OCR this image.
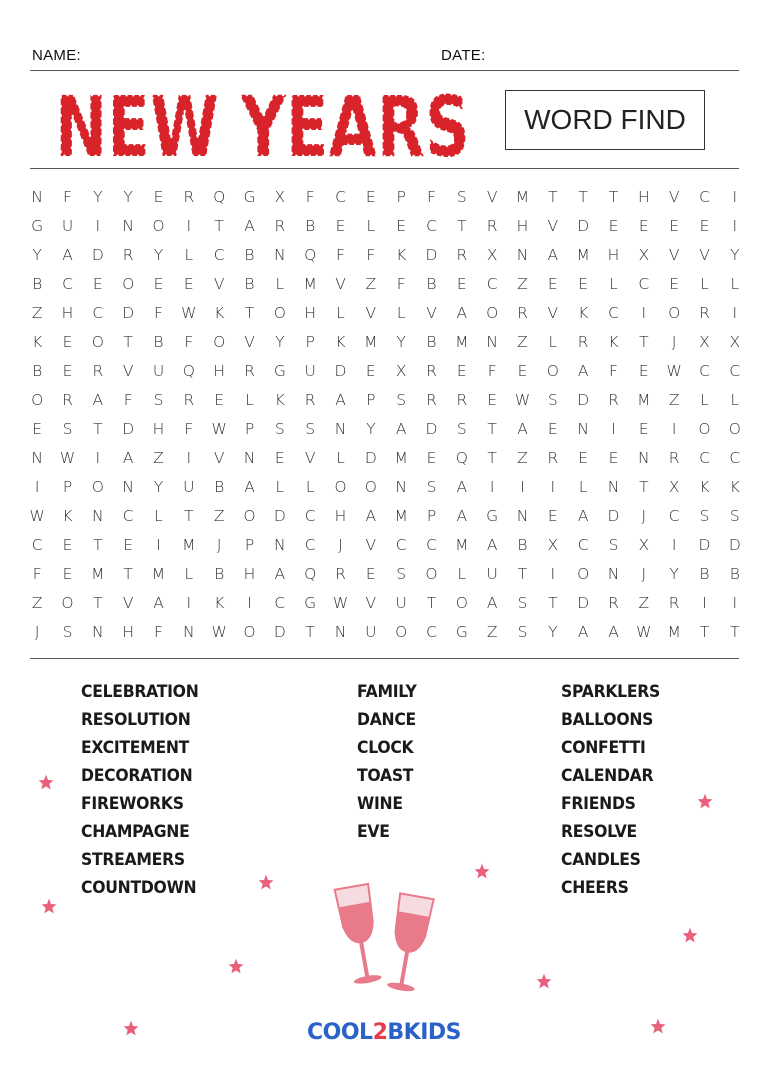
NAME:	DATE:
NEW YEARS
NEW YEARS	WORD FIND
N	F	Y	Y	E	R	Q	G	X	F	C	E	P	F	S	V	M	T	T	T	H	V	C	I
G	U	I	N	O	I	T	A	R	B	E	L	E	C	T	R	H	V	D	E	E	E	E	I
Y	A	D	R	Y	L	C	B	N	Q	F	F	K	D	R	X	N	A	M	H	X	V	V	Y
B	C	E	O	E	E	V	B	L	M	V	Z	F	B	E	C	Z	E	E	L	C	E	L	L
Z	H	C	D	F	W	K	T	O	H	L	V	L	V	A	O	R	V	K	C	I	O	R	I
K	E	O	T	B	F	O	V	Y	P	K	M	Y	B	M	N	Z	L	R	K	T	J	X	X
B	E	R	V	U	Q	H	R	G	U	D	E	X	R	E	F	E	O	A	F	E	W	C	C
O	R	A	F	S	R	E	L	K	R	A	P	S	R	R	E	W	S	D	R	M	Z	L	L
E	S	T	D	H	F	W	P	S	S	N	Y	A	D	S	T	A	E	N	I	E	I	O	O
N	W	I	A	Z	I	V	N	E	V	L	D	M	E	Q	T	Z	R	E	E	N	R	C	C
I	P	O	N	Y	U	B	A	L	L	O	O	N	S	A	I	I	I	L	N	T	X	K	K
W	K	N	C	L	T	Z	O	D	C	H	A	M	P	A	G	N	E	A	D	J	C	S	S
C	E	T	E	I	M	J	P	N	C	J	V	C	C	M	A	B	X	C	S	X	I	D	D
F	E	M	T	M	L	B	H	A	Q	R	E	S	O	L	U	T	I	O	N	J	Y	B	B
Z	O	T	V	A	I	K	I	C	G	W	V	U	T	O	A	S	T	D	R	Z	R	I	I
J	S	N	H	F	N	W	O	D	T	N	U	O	C	G	Z	S	Y	A	A	W	M	T	T
CELEBRATION
RESOLUTION
EXCITEMENT
DECORATION
FIREWORKS
CHAMPAGNE
STREAMERS
COUNTDOWN
FAMILY
DANCE
CLOCK
TOAST
WINE
EVE
SPARKLERS
BALLOONS
CONFETTI
CALENDAR
FRIENDS
RESOLVE
CANDLES
CHEERS
COOL2BKIDS
